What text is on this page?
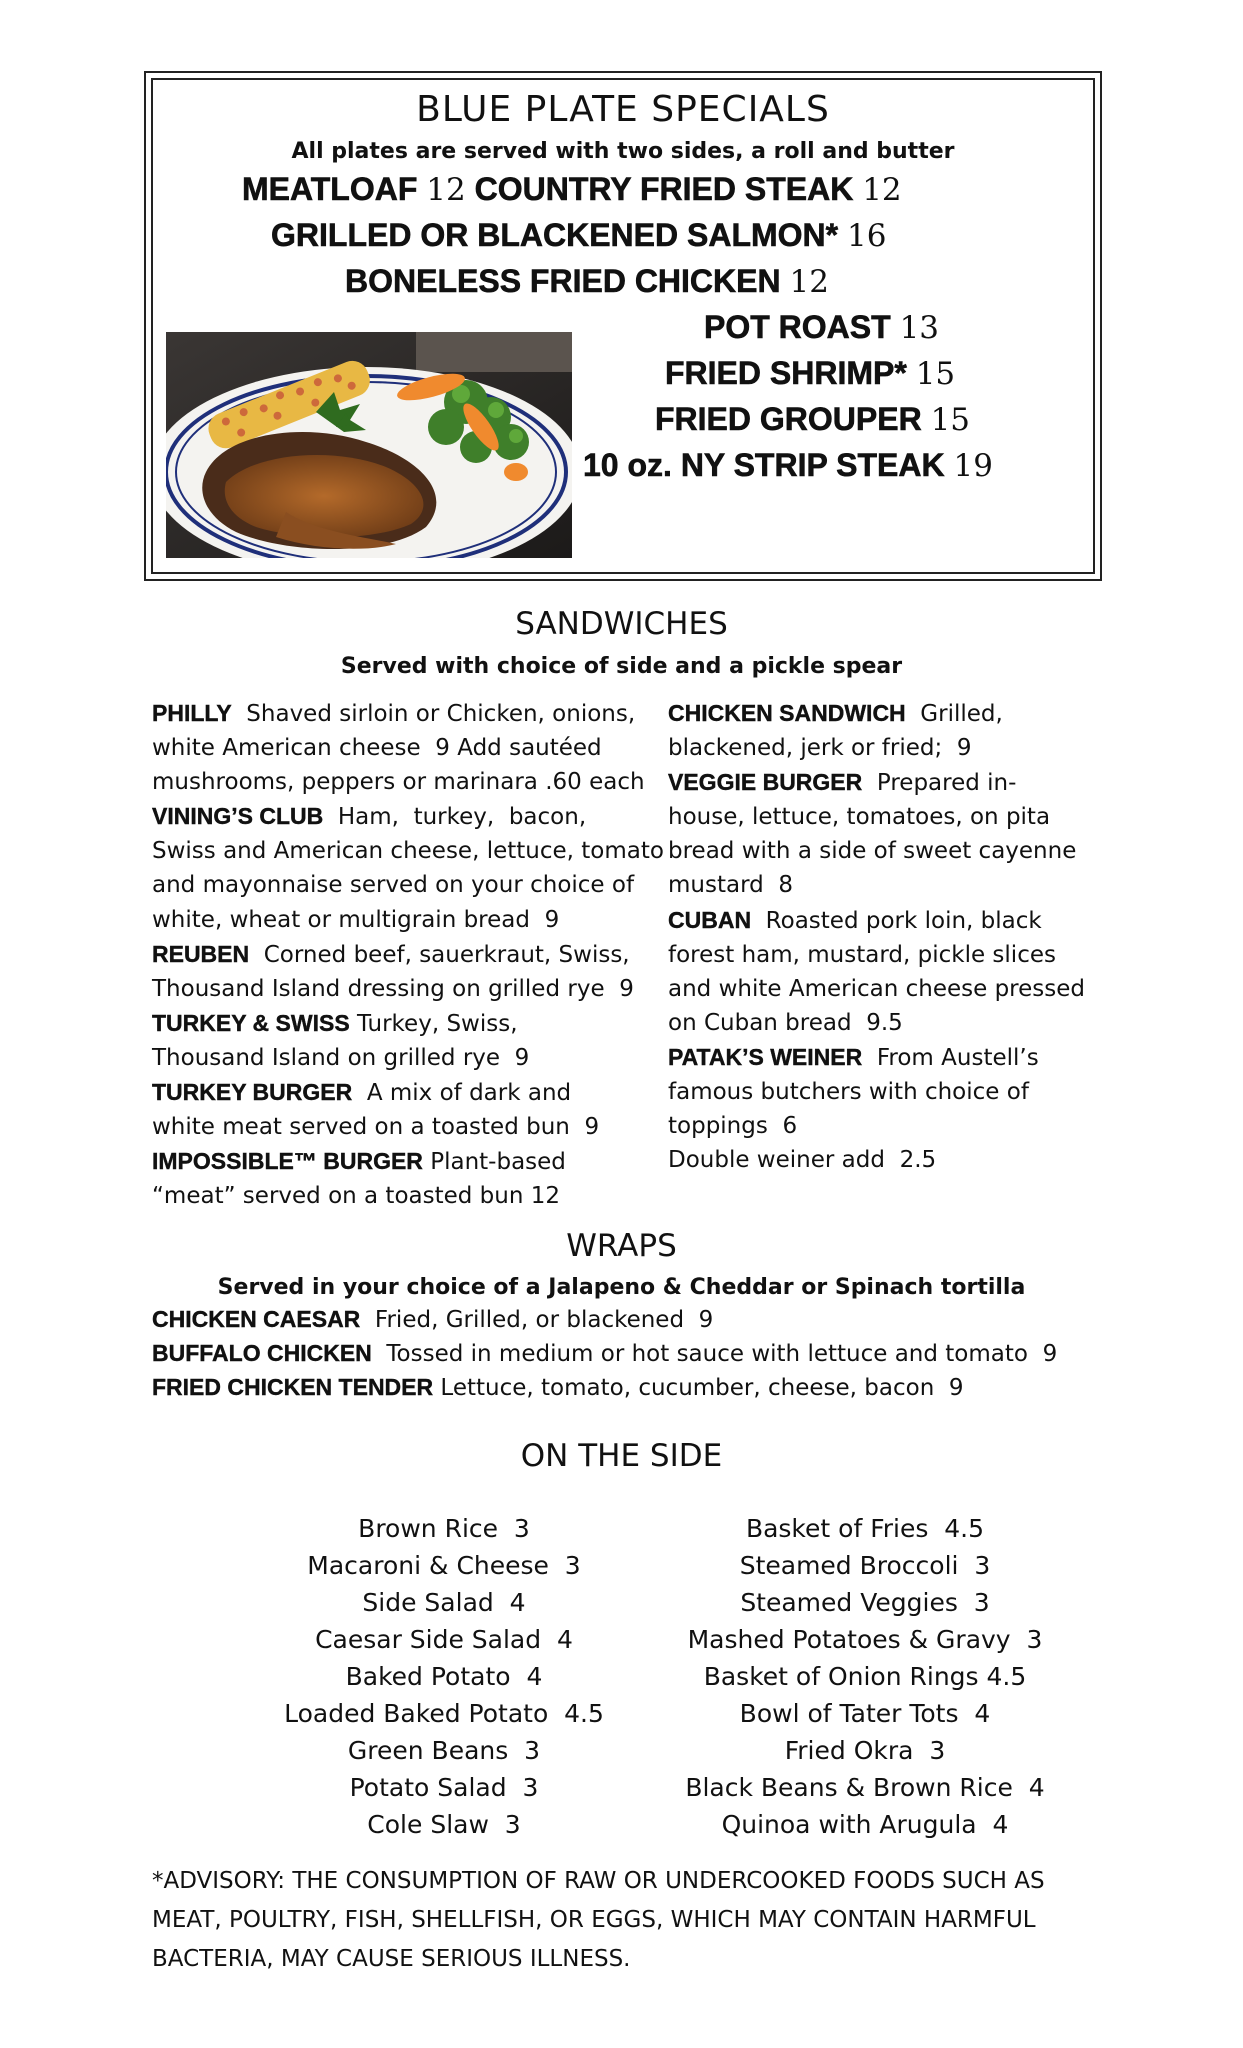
BLUE PLATE SPECIALS
All plates are served with two sides, a roll and butter
MEATLOAF 12 COUNTRY FRIED STEAK 12
GRILLED OR BLACKENED SALMON* 16
BONELESS FRIED CHICKEN 12
POT ROAST 13
FRIED SHRIMP* 15
FRIED GROUPER 15
10 oz. NY STRIP STEAK 19
SANDWICHES
Served with choice of side and a pickle spear
PHILLY  Shaved sirloin or Chicken, onions,
white American cheese  9 Add sautéed
mushrooms, peppers or marinara .60 each
VINING’S CLUB  Ham,  turkey,  bacon,
Swiss and American cheese, lettuce, tomato
and mayonnaise served on your choice of
white, wheat or multigrain bread  9
REUBEN  Corned beef, sauerkraut, Swiss,
Thousand Island dressing on grilled rye  9
TURKEY & SWISS Turkey, Swiss,
Thousand Island on grilled rye  9
TURKEY BURGER  A mix of dark and
white meat served on a toasted bun  9
IMPOSSIBLE™ BURGER Plant-based
“meat” served on a toasted bun 12
CHICKEN SANDWICH  Grilled,
blackened, jerk or fried;  9
VEGGIE BURGER  Prepared in-
house, lettuce, tomatoes, on pita
bread with a side of sweet cayenne
mustard  8
CUBAN  Roasted pork loin, black
forest ham, mustard, pickle slices
and white American cheese pressed
on Cuban bread  9.5
PATAK’S WEINER  From Austell’s
famous butchers with choice of
toppings  6
Double weiner add  2.5
WRAPS
Served in your choice of a Jalapeno & Cheddar or Spinach tortilla
CHICKEN CAESAR  Fried, Grilled, or blackened  9
BUFFALO CHICKEN  Tossed in medium or hot sauce with lettuce and tomato  9
FRIED CHICKEN TENDER Lettuce, tomato, cucumber, cheese, bacon  9
ON THE SIDE
Brown Rice  3
Macaroni & Cheese  3
Side Salad  4
Caesar Side Salad  4
Baked Potato  4
Loaded Baked Potato  4.5
Green Beans  3
Potato Salad  3
Cole Slaw  3
Basket of Fries  4.5
Steamed Broccoli  3
Steamed Veggies  3
Mashed Potatoes & Gravy  3
Basket of Onion Rings 4.5
Bowl of Tater Tots  4
Fried Okra  3
Black Beans & Brown Rice  4
Quinoa with Arugula  4
*ADVISORY: THE CONSUMPTION OF RAW OR UNDERCOOKED FOODS SUCH AS MEAT, POULTRY, FISH, SHELLFISH, OR EGGS, WHICH MAY CONTAIN HARMFUL BACTERIA, MAY CAUSE SERIOUS ILLNESS.
